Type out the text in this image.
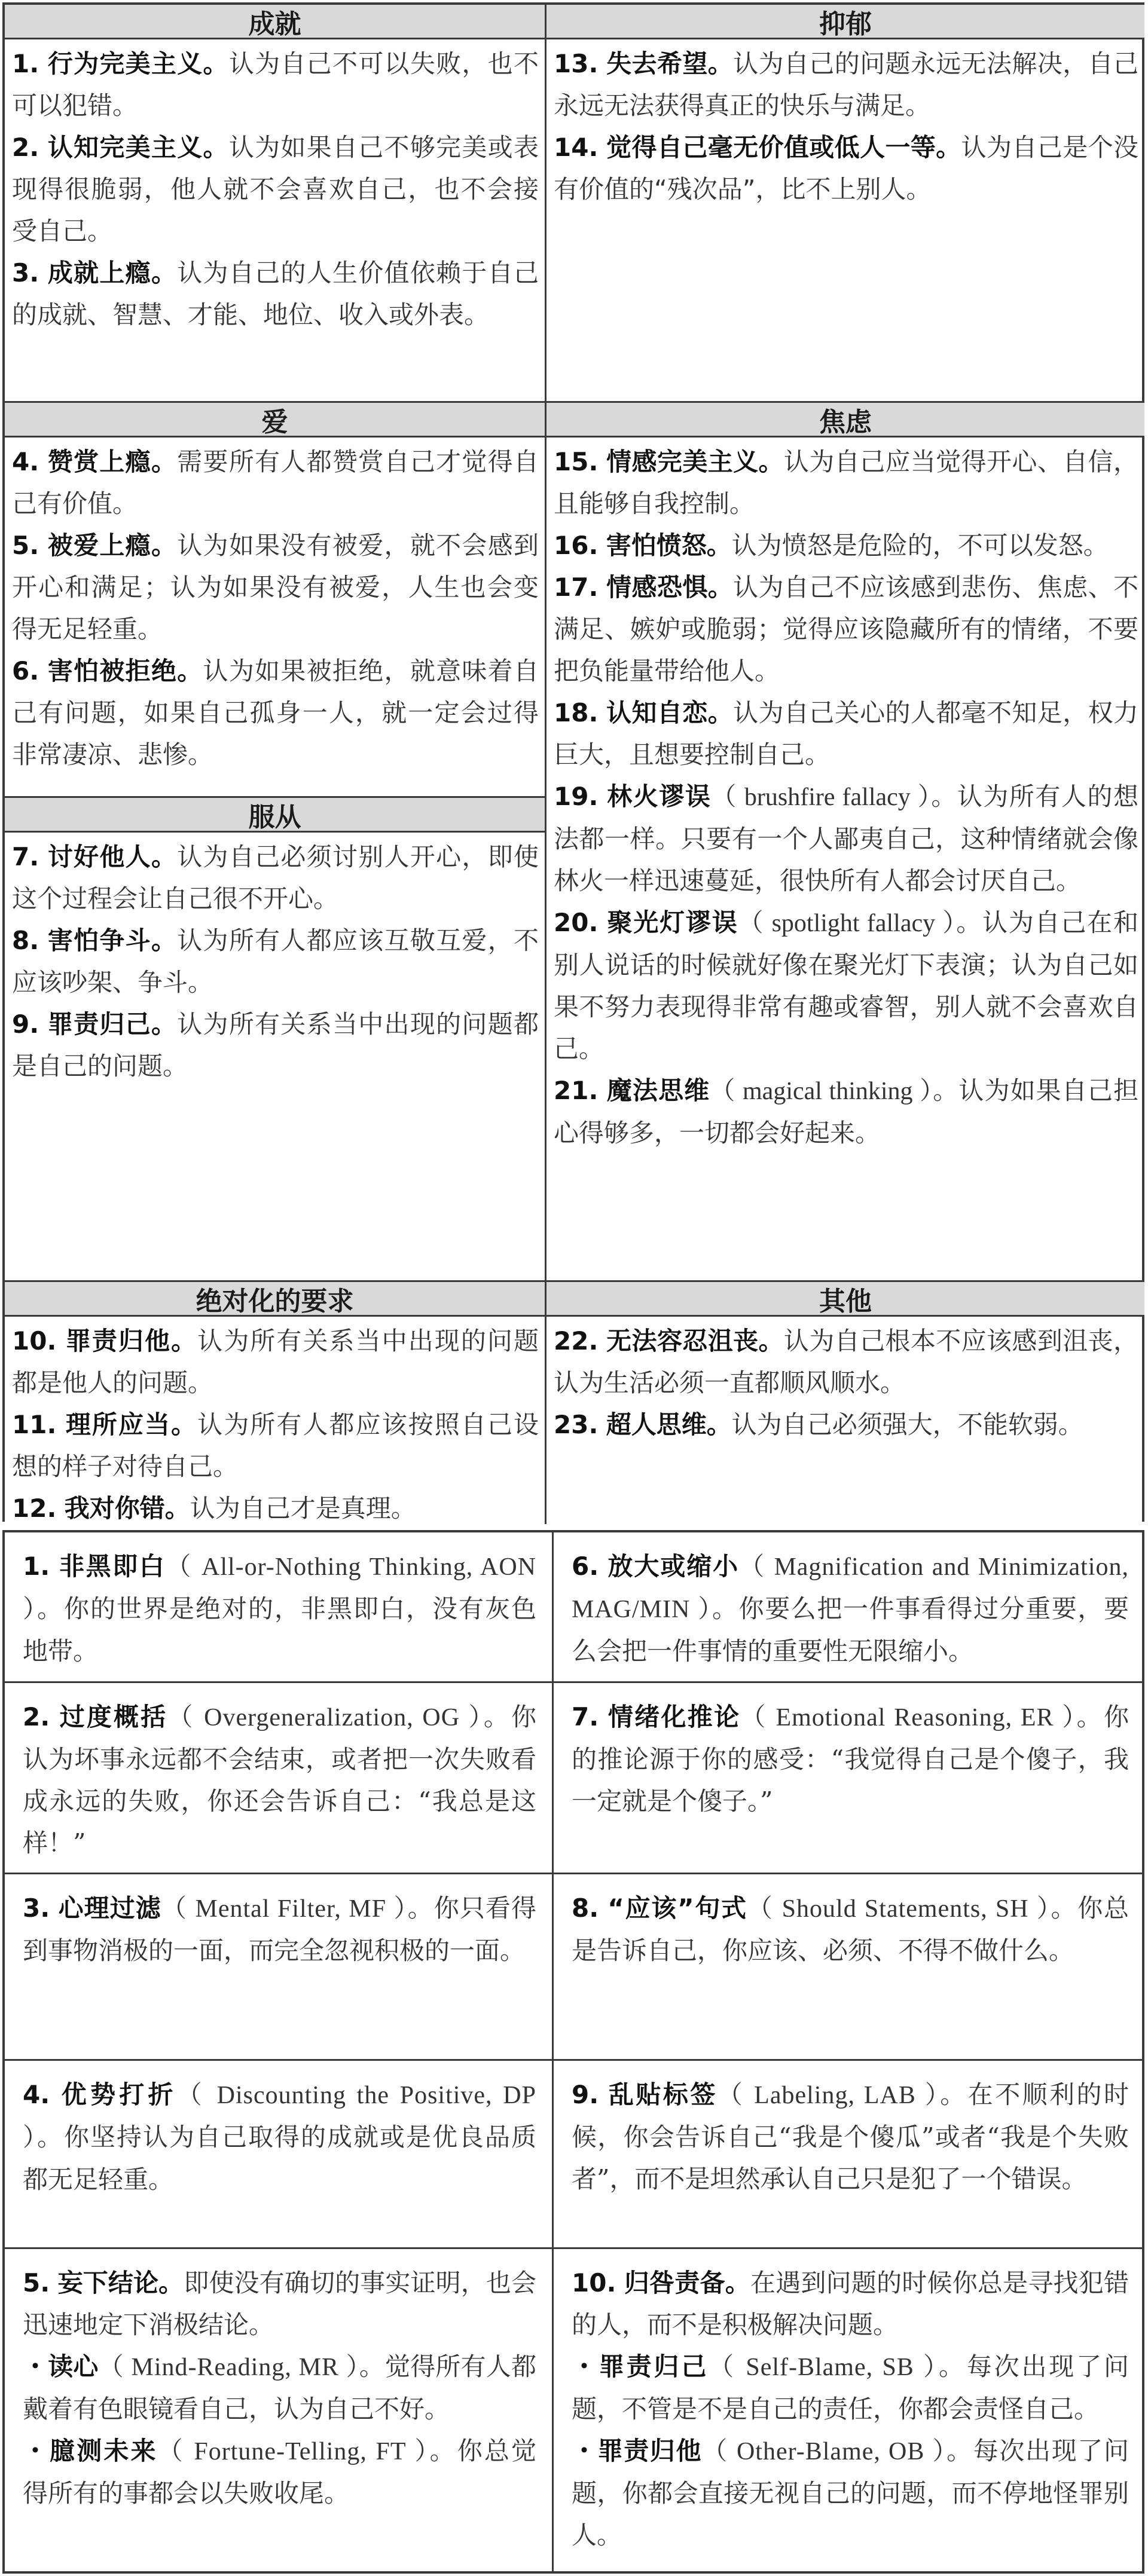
成就

1. 行为完美主义。认为自己不可以失败，也不可以犯错。

2. 认知完美主义。认为如果自己不够完美或表现得很脆弱，他人就不会喜欢自己，也不会接受自己。

3. 成就上瘾。认为自己的人生价值依赖于自己的成就、智慧、才能、地位、收入或外表。

爱

4. 赞赏上瘾。需要所有人都赞赏自己才觉得自己有价值。

5. 被爱上瘾。认为如果没有被爱，就不会感到开心和满足；认为如果没有被爱，人生也会变得无足轻重。

6. 害怕被拒绝。认为如果被拒绝，就意味着自己有问题，如果自己孤身一人，就一定会过得非常凄凉、悲惨。

服从

7. 讨好他人。认为自己必须讨别人开心，即使这个过程会让自己很不开心。

8. 害怕争斗。认为所有人都应该互敬互爱，不应该吵架、争斗。

9. 罪责归己。认为所有关系当中出现的问题都是自己的问题。

绝对化的要求

10. 罪责归他。认为所有关系当中出现的问题都是他人的问题。

11. 理所应当。认为所有人都应该按照自己设想的样子对待自己。

12. 我对你错。认为自己才是真理。

抑郁

13. 失去希望。认为自己的问题永远无法解决，自己永远无法获得真正的快乐与满足。

14. 觉得自己毫无价值或低人一等。认为自己是个没有价值的“残次品”，比不上别人。

焦虑

15. 情感完美主义。认为自己应当觉得开心、自信，且能够自我控制。

16. 害怕愤怒。认为愤怒是危险的，不可以发怒。

17. 情感恐惧。认为自己不应该感到悲伤、焦虑、不满足、嫉妒或脆弱；觉得应该隐藏所有的情绪，不要把负能量带给他人。

18. 认知自恋。认为自己关心的人都毫不知足，权力巨大，且想要控制自己。

19. 林火谬误（ brushfire fallacy ）。认为所有人的想法都一样。只要有一个人鄙夷自己，这种情绪就会像林火一样迅速蔓延，很快所有人都会讨厌自己。

20. 聚光灯谬误（ spotlight fallacy ）。认为自己在和别人说话的时候就好像在聚光灯下表演；认为自己如果不努力表现得非常有趣或睿智，别人就不会喜欢自己。

21. 魔法思维（ magical thinking ）。认为如果自己担心得够多，一切都会好起来。

其他

22. 无法容忍沮丧。认为自己根本不应该感到沮丧，认为生活必须一直都顺风顺水。

23. 超人思维。认为自己必须强大，不能软弱。

1. 非黑即白（ All-or-Nothing Thinking, AON ）。你的世界是绝对的，非黑即白，没有灰色地带。

2. 过度概括（ Overgeneralization, OG ）。你认为坏事永远都不会结束，或者把一次失败看成永远的失败，你还会告诉自己：“我总是这样！”

3. 心理过滤（ Mental Filter, MF ）。你只看得到事物消极的一面，而完全忽视积极的一面。

4. 优势打折（ Discounting the Positive, DP ）。你坚持认为自己取得的成就或是优良品质都无足轻重。

5. 妄下结论。即使没有确切的事实证明，也会迅速地定下消极结论。
・读心（ Mind-Reading, MR ）。觉得所有人都戴着有色眼镜看自己，认为自己不好。
・臆测未来（ Fortune-Telling, FT ）。你总觉得所有的事都会以失败收尾。

6. 放大或缩小（ Magnification and Minimization, MAG/MIN ）。你要么把一件事看得过分重要，要么会把一件事情的重要性无限缩小。

7. 情绪化推论（ Emotional Reasoning, ER ）。你的推论源于你的感受：“我觉得自己是个傻子，我一定就是个傻子。”

8. “应该”句式（ Should Statements, SH ）。你总是告诉自己，你应该、必须、不得不做什么。

9. 乱贴标签（ Labeling, LAB ）。在不顺利的时候，你会告诉自己“我是个傻瓜”或者“我是个失败者”，而不是坦然承认自己只是犯了一个错误。

10. 归咎责备。在遇到问题的时候你总是寻找犯错的人，而不是积极解决问题。
・罪责归己（ Self-Blame, SB ）。每次出现了问题，不管是不是自己的责任，你都会责怪自己。
・罪责归他（ Other-Blame, OB ）。每次出现了问题，你都会直接无视自己的问题，而不停地怪罪别人。
